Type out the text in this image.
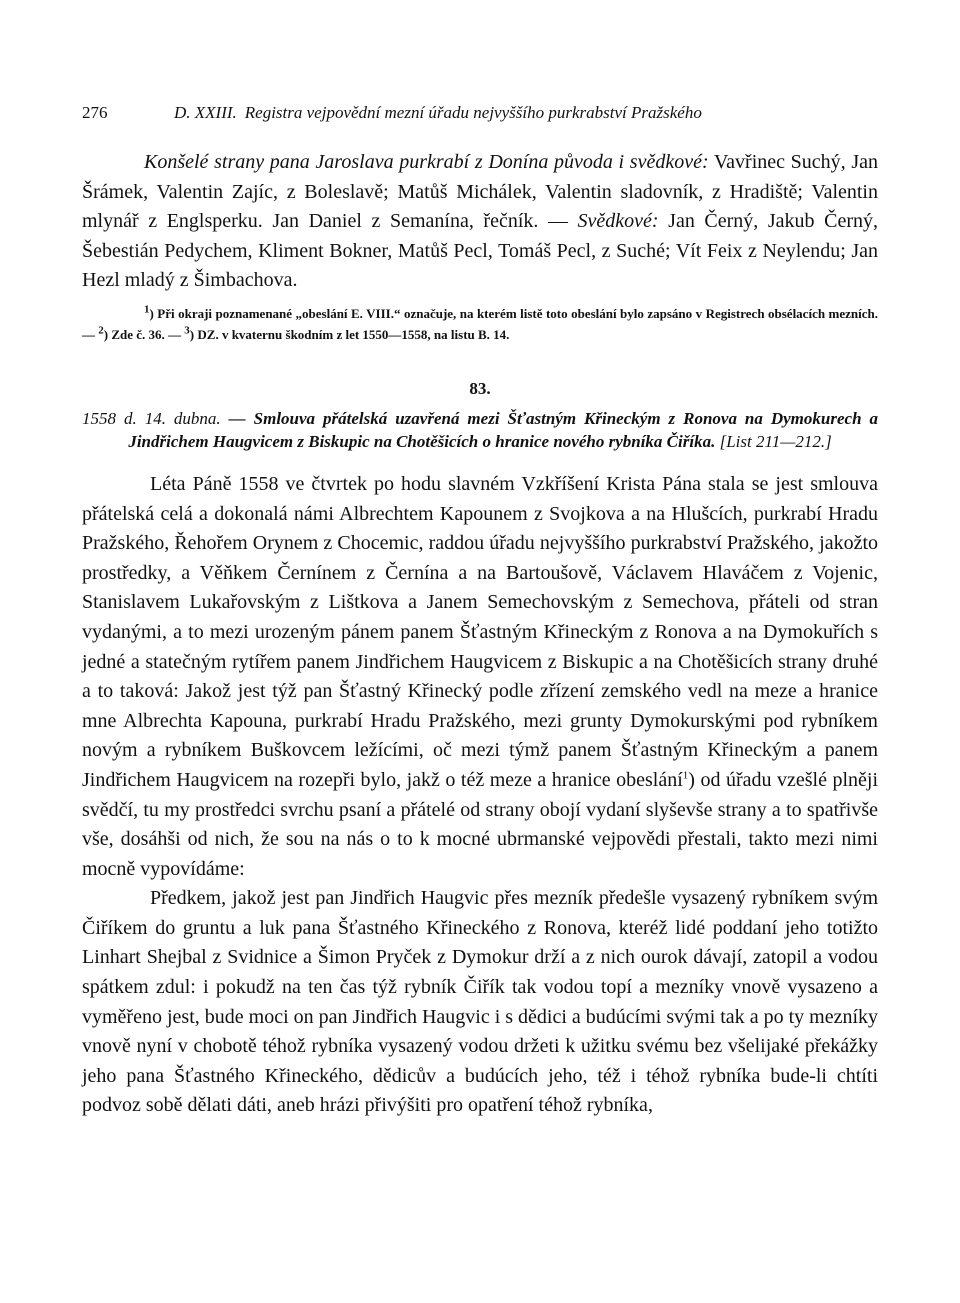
276	D. XXIII. Registra vejpovědní mezní úřadu nejvyššího purkrabství Pražského
Konšelé strany pana Jaroslava purkrabí z Donína původa i svědkové: Vavřinec Suchý, Jan Šrámek, Valentin Zajíc, z Boleslavě; Matůš Michálek, Valentin sladovník, z Hradiště; Valentin mlynář z Englsperku. Jan Daniel z Semanína, řečník. — Svědkové: Jan Černý, Jakub Černý, Šebestián Pedychem, Kliment Bokner, Matůš Pecl, Tomáš Pecl, z Suché; Vít Feix z Neylendu; Jan Hezl mladý z Šimbachova.
$^1$) Při okraji poznamenané „obeslání E. VIII.“ označuje, na kterém listě toto obeslání bylo zapsáno v Registrech obsélacích mezních. — $^2$) Zde č. 36. — $^3$) DZ. v kvaternu škodním z let 1550—1558, na listu B. 14.
83.
1558 d. 14. dubna. — Smlouva přátelská uzavřená mezi Šťastným Křineckým z Ronova na Dymokurech a Jindřichem Haugvicem z Biskupic na Chotěšicích o hranice nového rybníka Čiříka. [List 211—212.]

Léta Páně 1558 ve čtvrtek po hodu slavném Vzkříšení Krista Pána stala se jest smlouva přátelská celá a dokonalá námi Albrechtem Kapounem z Svojkova a na Hlušcích, purkrabí Hradu Pražského, Řehořem Orynem z Chocemic, raddou úřadu nejvyššího purkrabství Pražského, jakožto prostředky, a Věňkem Černínem z Černína a na Bartoušově, Václavem Hlaváčem z Vojenic, Stanislavem Lukařovským z Lištkova a Janem Semechovským z Semechova, přáteli od stran vydanými, a to mezi urozeným pánem panem Šťastným Křineckým z Ronova a na Dymokuřích s jedné a statečným rytířem panem Jindřichem Haugvicem z Biskupic a na Chotěšicích strany druhé a to taková: Jakož jest týž pan Šťastný Křinecký podle zřízení zemského vedl na meze a hranice mne Albrechta Kapouna, purkrabí Hradu Pražského, mezi grunty Dymokurskými pod rybníkem novým a rybníkem Buškovcem ležícími, oč mezi týmž panem Šťastným Křineckým a panem Jindřichem Haugvicem na rozepři bylo, jakž o též meze a hranice obeslání$^1$) od úřadu vzešlé plněji svědčí, tu my prostředci svrchu psaní a přátelé od strany obojí vydaní slyševše strany a to spatřivše vše, dosáhši od nich, že sou na nás o to k mocné ubrmanské vejpovědi přestali, takto mezi nimi mocně vypovídáme:

Předkem, jakož jest pan Jindřich Haugvic přes mezník předešle vysazený rybníkem svým Čiříkem do gruntu a luk pana Šťastného Křineckého z Ronova, kteréž lidé poddaní jeho totižto Linhart Shejbal z Svidnice a Šimon Pryček z Dymokur drží a z nich ourok dávají, zatopil a vodou spátkem zdul: i pokudž na ten čas týž rybník Čiřík tak vodou topí a mezníky vnově vysazeno a vyměřeno jest, bude moci on pan Jindřich Haugvic i s dědici a budúcími svými tak a po ty mezníky vnově nyní v chobotě téhož rybníka vysazený vodou držeti k užitku svému bez všelijaké překážky jeho pana Šťastného Křineckého, dědicův a budúcích jeho, též i téhož rybníka bude-li chtíti podvoz sobě dělati dáti, aneb hrázi přivýšiti pro opatření téhož rybníka,
